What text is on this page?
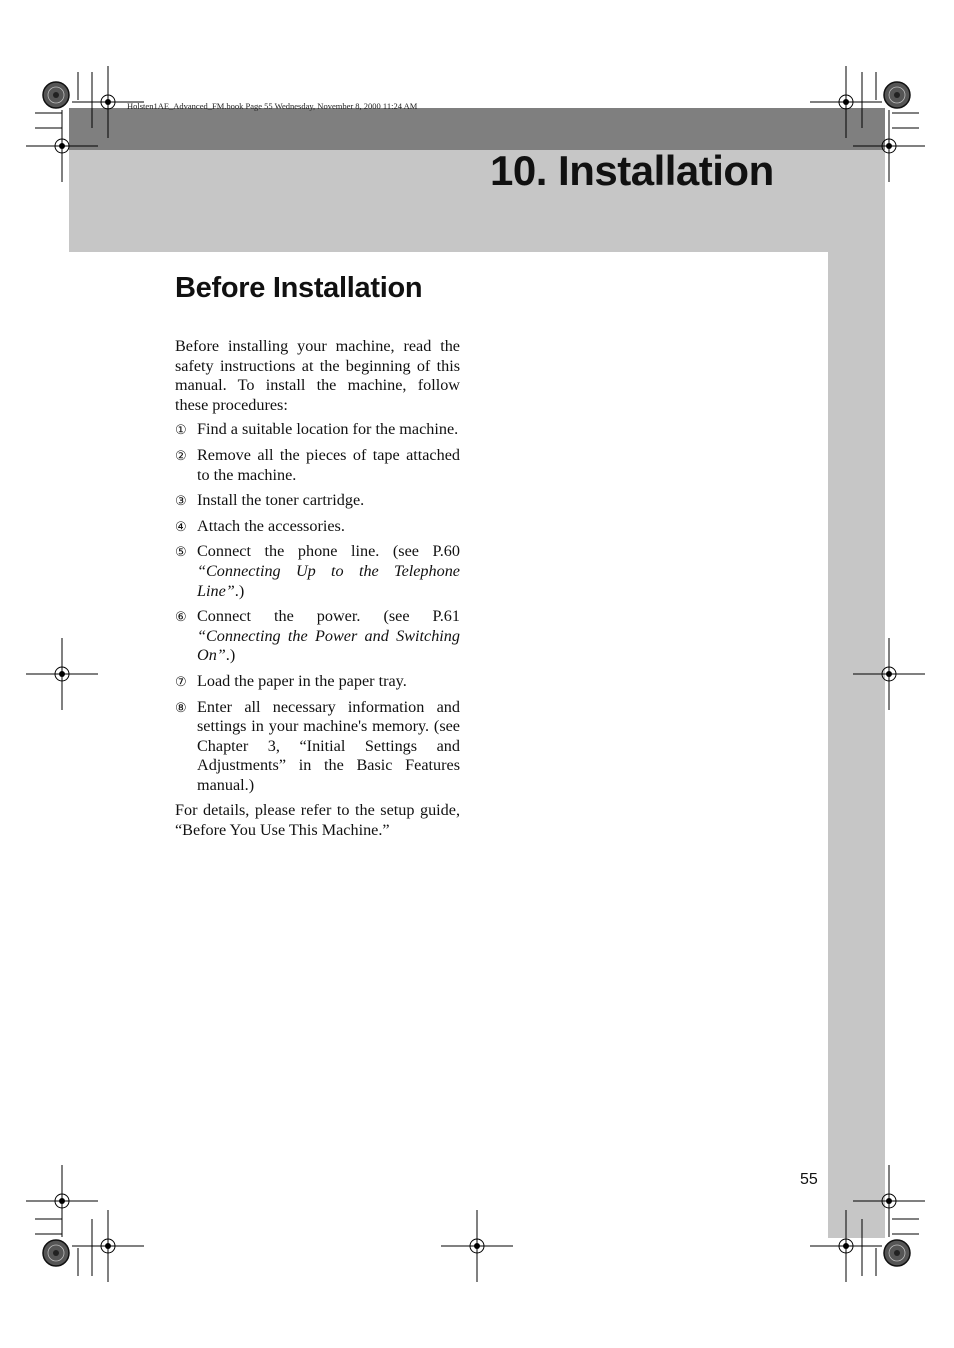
Holsten1AE_Advanced_FM.book Page 55 Wednesday, November 8, 2000 11:24 AM
10. Installation
Before Installation

Before installing your machine, read the safety instructions at the beginning of this manual. To install the machine, follow these procedures:

① Find a suitable location for the machine.
② Remove all the pieces of tape attached to the machine.
③ Install the toner cartridge.
④ Attach the accessories.
⑤ Connect the phone line. (see P.60 “Connecting Up to the Telephone Line”.)
⑥ Connect the power. (see P.61 “Connecting the Power and Switching On”.)
⑦ Load the paper in the paper tray.
⑧ Enter all necessary information and settings in your machine's memory. (see Chapter 3, “Initial Settings and Adjustments” in the Basic Features manual.)

For details, please refer to the setup guide, “Before You Use This Machine.”

55
